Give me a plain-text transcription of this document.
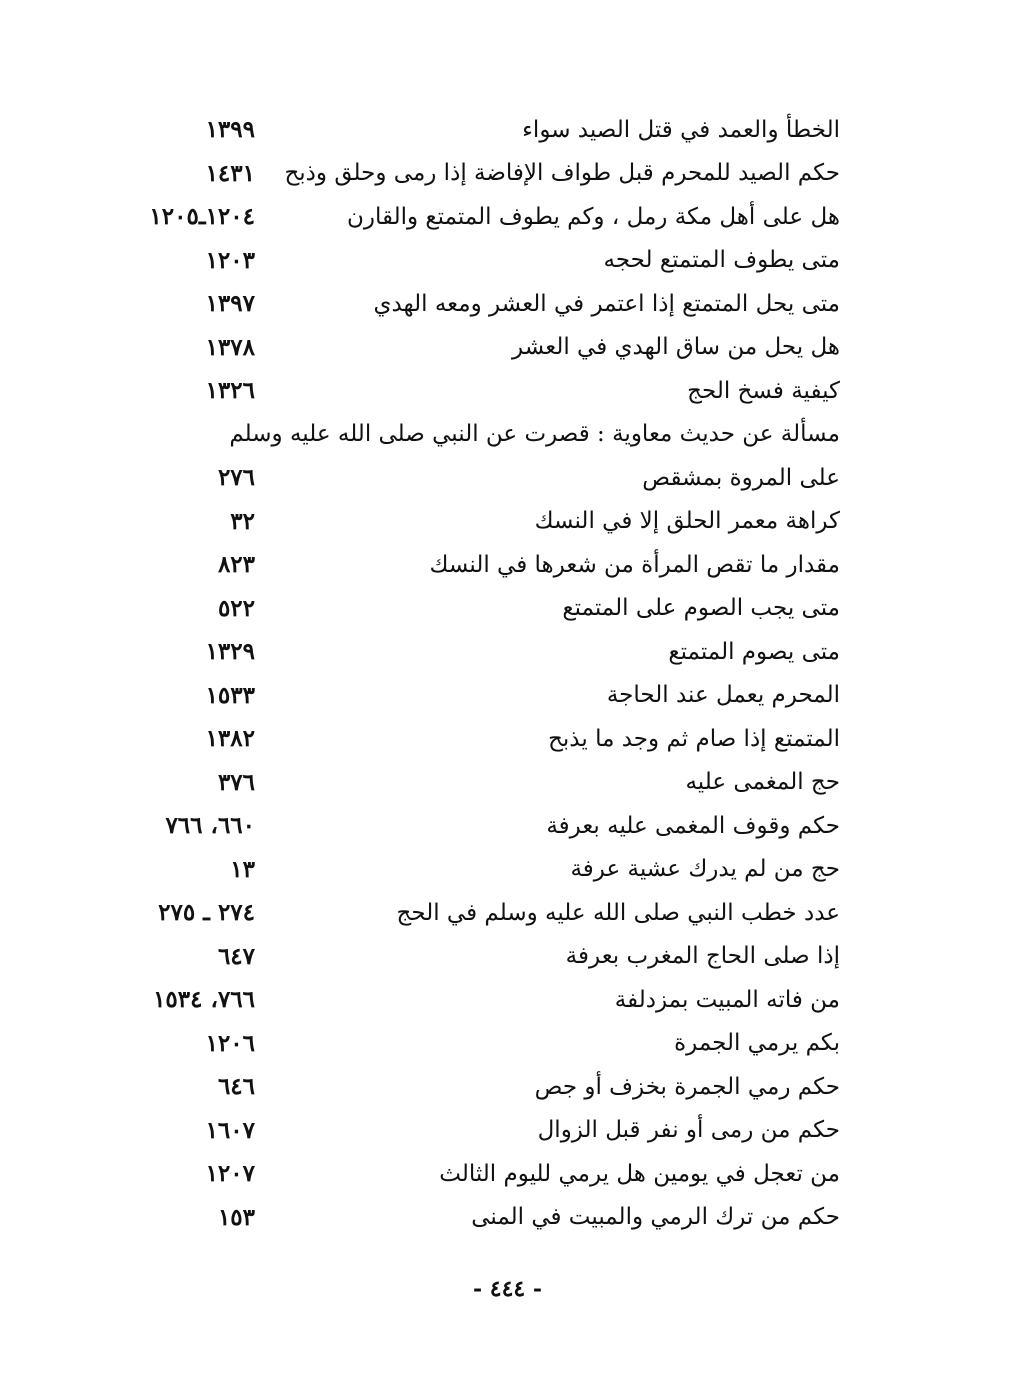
١٣٩٩	الخطأ والعمد في قتل الصيد سواء
١٤٣١	حكم الصيد للمحرم قبل طواف الإفاضة إذا رمى وحلق وذبح
١٢٠٤ـ١٢٠٥	هل على أهل مكة رمل ، وكم يطوف المتمتع والقارن
١٢٠٣	متى يطوف المتمتع لحجه
١٣٩٧	متى يحل المتمتع إذا اعتمر في العشر ومعه الهدي
١٣٧٨	هل يحل من ساق الهدي في العشر
١٣٢٦	كيفية فسخ الحج
مسألة عن حديث معاوية : قصرت عن النبي صلى الله عليه وسلم
٢٧٦	على المروة بمشقص
٣٢	كراهة معمر الحلق إلا في النسك
٨٢٣	مقدار ما تقص المرأة من شعرها في النسك
٥٢٢	متى يجب الصوم على المتمتع
١٣٢٩	متى يصوم المتمتع
١٥٣٣	المحرم يعمل عند الحاجة
١٣٨٢	المتمتع إذا صام ثم وجد ما يذبح
٣٧٦	حج المغمى عليه
٦٦٠، ٧٦٦	حكم وقوف المغمى عليه بعرفة
١٣	حج من لم يدرك عشية عرفة
٢٧٤ ـ ٢٧٥	عدد خطب النبي صلى الله عليه وسلم في الحج
٦٤٧	إذا صلى الحاج المغرب بعرفة
٧٦٦، ١٥٣٤	من فاته المبيت بمزدلفة
١٢٠٦	بكم يرمي الجمرة
٦٤٦	حكم رمي الجمرة بخزف أو جص
١٦٠٧	حكم من رمى أو نفر قبل الزوال
١٢٠٧	من تعجل في يومين هل يرمي لليوم الثالث
١٥٣	حكم من ترك الرمي والمبيت في المنى
- ٤٤٤ -
